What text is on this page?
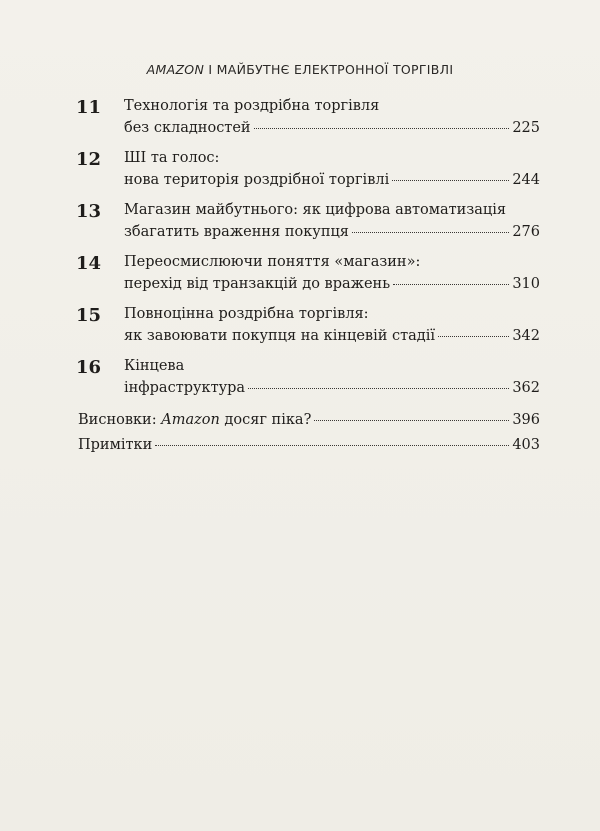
AMAZON І МАЙБУТНЄ ЕЛЕКТРОННОЇ ТОРГІВЛІ
11	Технологія та роздрібна торгівля
без складностей	225
12	ШІ та голос:
нова територія роздрібної торгівлі	244
13	Магазин майбутнього: як цифрова автоматизація
збагатить враження покупця	276
14	Переосмислюючи поняття «магазин»:
перехід від транзакцій до вражень	310
15	Повноцінна роздрібна торгівля:
як завоювати покупця на кінцевій стадії	342
16	Кінцева
інфраструктура	362
Висновки: Amazon досяг піка?	396
Примітки	403
